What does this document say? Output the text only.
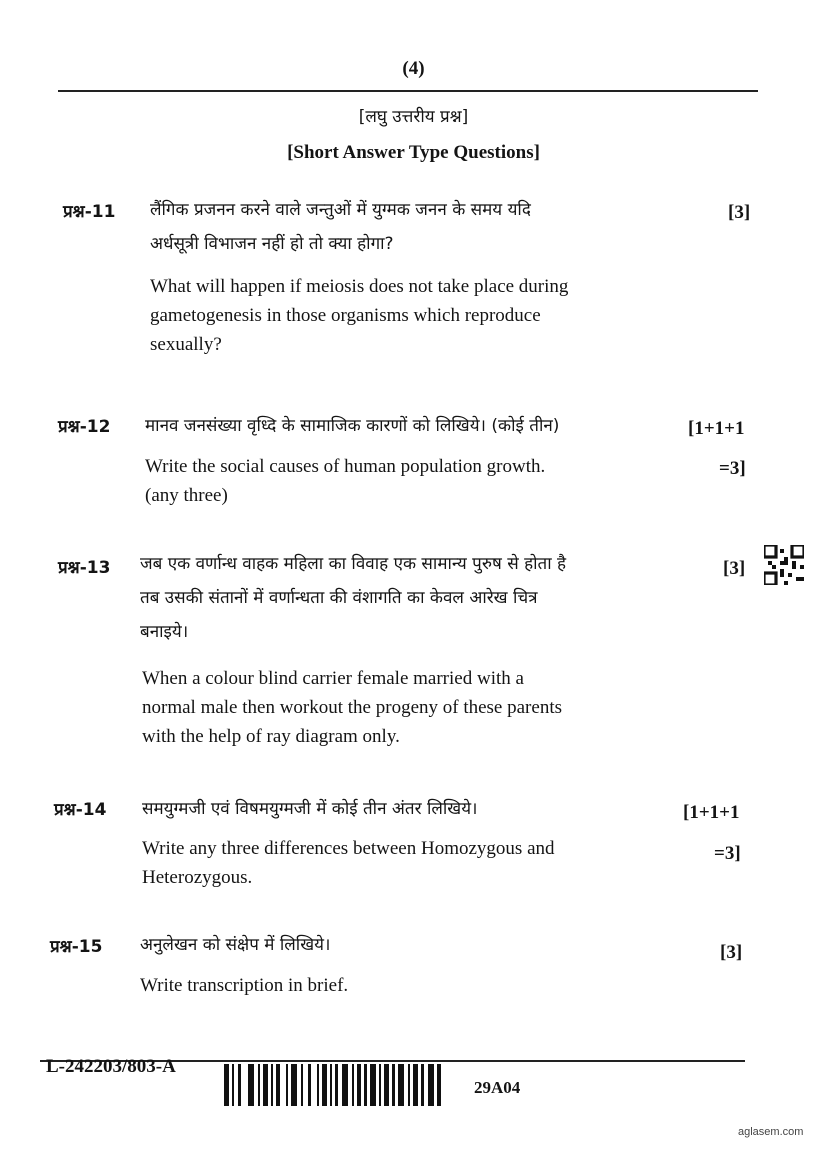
(4)
[लघु उत्तरीय प्रश्न]
[Short Answer Type Questions]
प्रश्न-11 लैंगिक प्रजनन करने वाले जन्तुओं में युग्मक जनन के समय यदि
अर्धसूत्री विभाजन नहीं हो तो क्या होगा?
What will happen if meiosis does not take place during
gametogenesis in those organisms which reproduce
sexually?
[3]
प्रश्न-12 मानव जनसंख्या वृध्दि के सामाजिक कारणों को लिखिये। (कोई तीन)
Write the social causes of human population growth.
(any three)
[1+1+1
=3]
प्रश्न-13 जब एक वर्णान्ध वाहक महिला का विवाह एक सामान्य पुरुष से होता है
तब उसकी संतानों में वर्णान्धता की वंशागति का केवल आरेख चित्र
बनाइये।
When a colour blind carrier female married with a
normal male then workout the progeny of these parents
with the help of ray diagram only.
[3]
प्रश्न-14 समयुग्मजी एवं विषमयुग्मजी में कोई तीन अंतर लिखिये।
Write any three differences between Homozygous and
Heterozygous.
[1+1+1
=3]
प्रश्न-15 अनुलेखन को संक्षेप में लिखिये।
Write transcription in brief.
[3]
L-242203/803-A
29A04
aglasem.com
